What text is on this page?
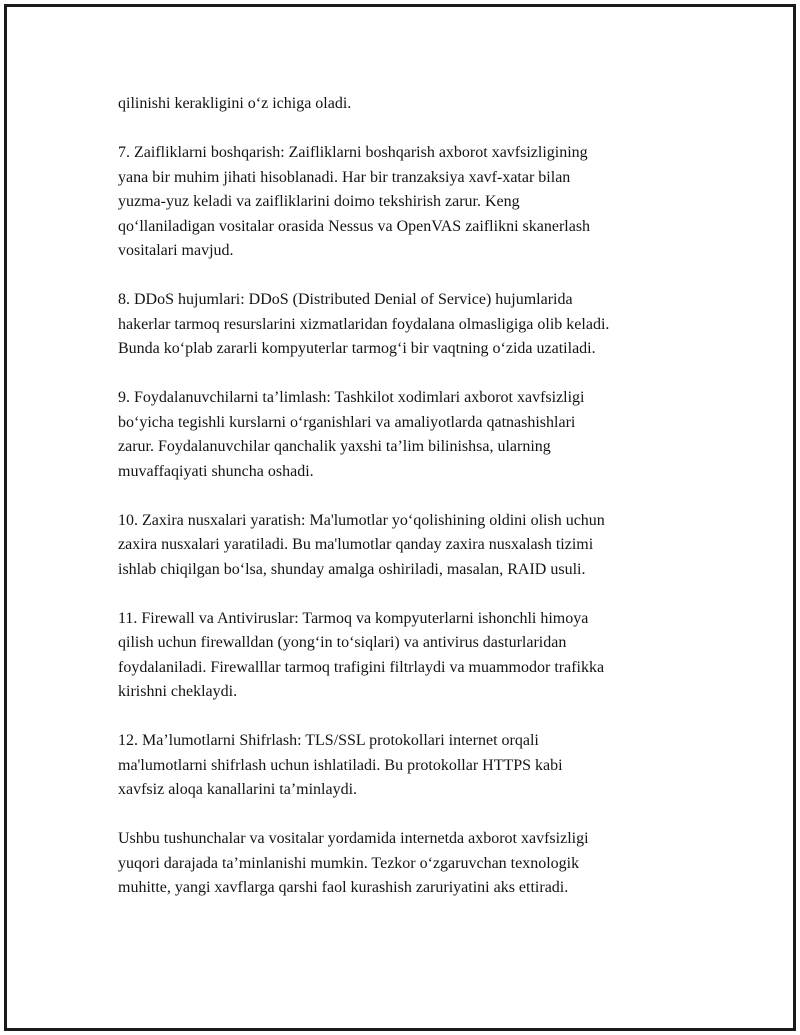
qilinishi kerakligini o‘z ichiga oladi.

7. Zaifliklarni boshqarish: Zaifliklarni boshqarish axborot xavfsizligining
yana bir muhim jihati hisoblanadi. Har bir tranzaksiya xavf-xatar bilan
yuzma-yuz keladi va zaifliklarini doimo tekshirish zarur. Keng
qo‘llaniladigan vositalar orasida Nessus va OpenVAS zaiflikni skanerlash
vositalari mavjud.

8. DDoS hujumlari: DDoS (Distributed Denial of Service) hujumlarida
hakerlar tarmoq resurslarini xizmatlaridan foydalana olmasligiga olib keladi.
Bunda ko‘plab zararli kompyuterlar tarmog‘i bir vaqtning o‘zida uzatiladi.

9. Foydalanuvchilarni ta’limlash: Tashkilot xodimlari axborot xavfsizligi
bo‘yicha tegishli kurslarni o‘rganishlari va amaliyotlarda qatnashishlari
zarur. Foydalanuvchilar qanchalik yaxshi ta’lim bilinishsa, ularning
muvaffaqiyati shuncha oshadi.

10. Zaxira nusxalari yaratish: Ma'lumotlar yo‘qolishining oldini olish uchun
zaxira nusxalari yaratiladi. Bu ma'lumotlar qanday zaxira nusxalash tizimi
ishlab chiqilgan bo‘lsa, shunday amalga oshiriladi, masalan, RAID usuli.

11. Firewall va Antiviruslar: Tarmoq va kompyuterlarni ishonchli himoya
qilish uchun firewalldan (yong‘in to‘siqlari) va antivirus dasturlaridan
foydalaniladi. Firewalllar tarmoq trafigini filtrlaydi va muammodor trafikka
kirishni cheklaydi.

12. Ma’lumotlarni Shifrlash: TLS/SSL protokollari internet orqali
ma'lumotlarni shifrlash uchun ishlatiladi. Bu protokollar HTTPS kabi
xavfsiz aloqa kanallarini ta’minlaydi.

Ushbu tushunchalar va vositalar yordamida internetda axborot xavfsizligi
yuqori darajada ta’minlanishi mumkin. Tezkor o‘zgaruvchan texnologik
muhitte, yangi xavflarga qarshi faol kurashish zaruriyatini aks ettiradi.
